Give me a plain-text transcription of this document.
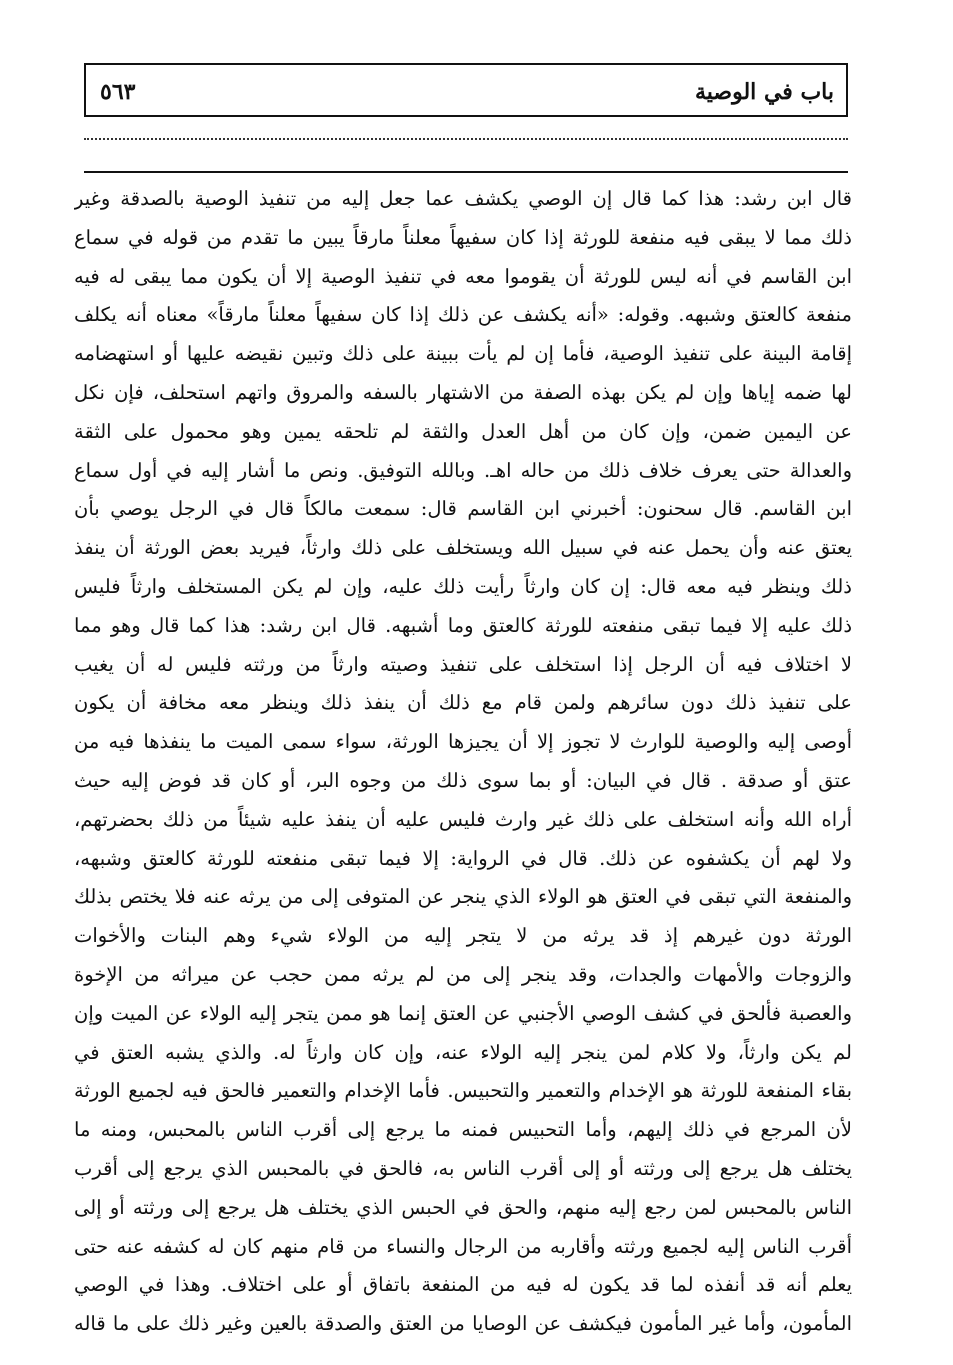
باب في الوصية
٥٦٣
قال ابن رشد: هذا كما قال إن الوصي يكشف عما جعل إليه من تنفيذ الوصية بالصدقة وغير
ذلك مما لا يبقى فيه منفعة للورثة إذا كان سفيهاً معلناً مارقاً يبين ما تقدم من قوله في سماع
ابن القاسم في أنه ليس للورثة أن يقوموا معه في تنفيذ الوصية إلا أن يكون مما يبقى له فيه
منفعة كالعتق وشبهه. وقوله: «أنه يكشف عن ذلك إذا كان سفيهاً معلناً مارقاً» معناه أنه يكلف
إقامة البينة على تنفيذ الوصية، فأما إن لم يأت ببينة على ذلك وتبين نقيضه عليها أو استهضامه
لها ضمه إياها وإن لم يكن بهذه الصفة من الاشتهار بالسفه والمروق واتهم استحلف، فإن نكل
عن اليمين ضمن، وإن كان من أهل العدل والثقة لم تلحقه يمين وهو محمول على الثقة
والعدالة حتى يعرف خلاف ذلك من حاله اهـ. وبالله التوفيق. ونص ما أشار إليه في أول سماع
ابن القاسم. قال سحنون: أخبرني ابن القاسم قال: سمعت مالكاً قال في الرجل يوصي بأن
يعتق عنه وأن يحمل عنه في سبيل الله ويستخلف على ذلك وارثاً، فيريد بعض الورثة أن ينفذ
ذلك وينظر فيه معه قال: إن كان وارثاً رأيت ذلك عليه، وإن لم يكن المستخلف وارثاً فليس
ذلك عليه إلا فيما تبقى منفعته للورثة كالعتق وما أشبهه. قال ابن رشد: هذا كما قال وهو مما
لا اختلاف فيه أن الرجل إذا استخلف على تنفيذ وصيته وارثاً من ورثته فليس له أن يغيب
على تنفيذ ذلك دون سائرهم ولمن قام مع ذلك أن ينفذ ذلك وينظر معه مخافة أن يكون
أوصى إليه والوصية للوارث لا تجوز إلا أن يجيزها الورثة، سواء سمى الميت ما ينفذها فيه من
عتق أو صدقة . قال في البيان: أو بما سوى ذلك من وجوه البر، أو كان قد فوض إليه حيث
أراه الله وأنه استخلف على ذلك غير وارث فليس عليه أن ينفذ عليه شيئاً من ذلك بحضرتهم،
ولا لهم أن يكشفوه عن ذلك. قال في الرواية: إلا فيما تبقى منفعته للورثة كالعتق وشبهه،
والمنفعة التي تبقى في العتق هو الولاء الذي ينجر عن المتوفى إلى من يرثه عنه فلا يختص بذلك
الورثة دون غيرهم إذ قد يرثه من لا يتجر إليه من الولاء شيء وهم البنات والأخوات
والزوجات والأمهات والجدات، وقد ينجر إلى من لم يرثه ممن حجب عن ميراثه من الإخوة
والعصبة فألحق في كشف الوصي الأجنبي عن العتق إنما هو ممن يتجر إليه الولاء عن الميت وإن
لم يكن وارثاً، ولا كلام لمن ينجر إليه الولاء عنه، وإن كان وارثاً له. والذي يشبه العتق في
بقاء المنفعة للورثة هو الإخدام والتعمير والتحبيس. فأما الإخدام والتعمير فالحق فيه لجميع الورثة
لأن المرجع في ذلك إليهم، وأما التحبيس فمنه ما يرجع إلى أقرب الناس بالمحبس، ومنه ما
يختلف هل يرجع إلى ورثته أو إلى أقرب الناس به، فالحق في بالمحبس الذي يرجع إلى أقرب
الناس بالمحبس لمن رجع إليه منهم، والحق في الحبس الذي يختلف هل يرجع إلى ورثته أو إلى
أقرب الناس إليه لجميع ورثته وأقاربه من الرجال والنساء من قام منهم كان له كشفه عنه حتى
يعلم أنه قد أنفذه لما قد يكون له فيه من المنفعة باتفاق أو على اختلاف. وهذا في الوصي
المأمون، وأما غير المأمون فيكشف عن الوصايا من العتق والصدقة بالعين وغير ذلك على ما قاله
